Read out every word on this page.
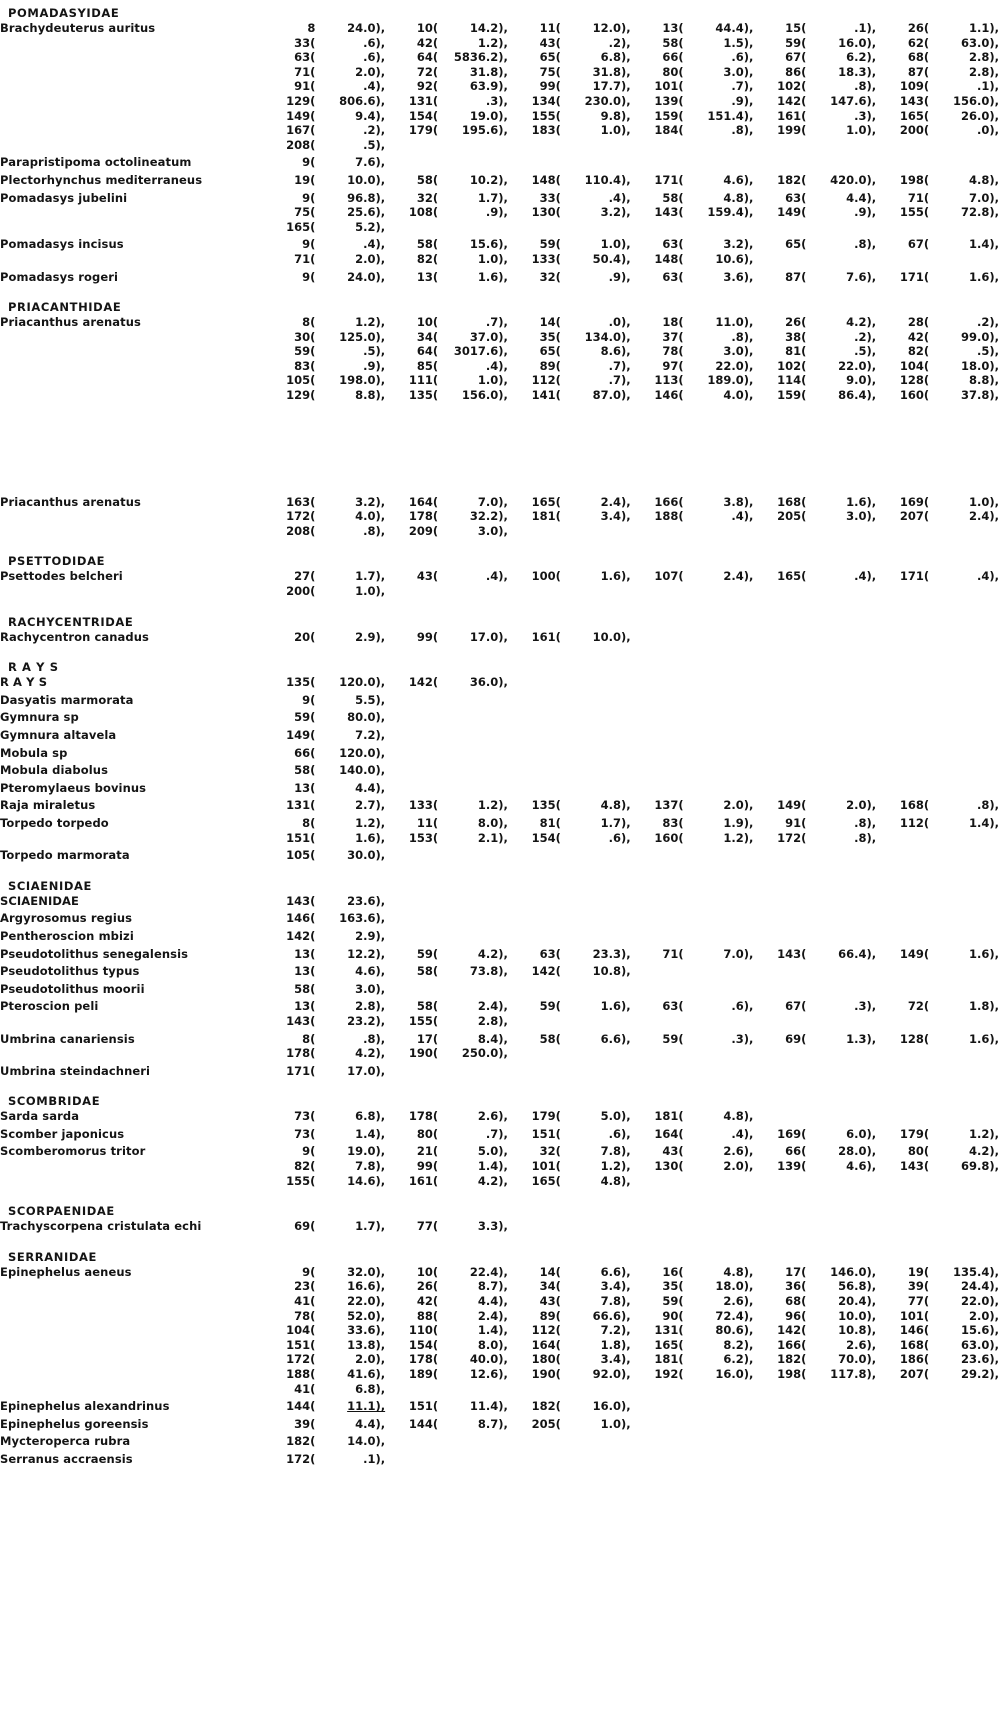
POMADASYIDAE
Brachydeuterus auritus	8	24.0),	10(	14.2),	11(	12.0),	13(	44.4),	15(	.1),	26(	1.1),
	33(	.6),	42(	1.2),	43(	.2),	58(	1.5),	59(	16.0),	62(	63.0),
	63(	.6),	64(	5836.2),	65(	6.8),	66(	.6),	67(	6.2),	68(	2.8),
	71(	2.0),	72(	31.8),	75(	31.8),	80(	3.0),	86(	18.3),	87(	2.8),
	91(	.4),	92(	63.9),	99(	17.7),	101(	.7),	102(	.8),	109(	.1),
	129(	806.6),	131(	.3),	134(	230.0),	139(	.9),	142(	147.6),	143(	156.0),
	149(	9.4),	154(	19.0),	155(	9.8),	159(	151.4),	161(	.3),	165(	26.0),
	167(	.2),	179(	195.6),	183(	1.0),	184(	.8),	199(	1.0),	200(	.0),
	208(	.5),										

Parapristipoma octolineatum	9(	7.6),										

Plectorhynchus mediterraneus	19(	10.0),	58(	10.2),	148(	110.4),	171(	4.6),	182(	420.0),	198(	4.8),

Pomadasys jubelini	9(	96.8),	32(	1.7),	33(	.4),	58(	4.8),	63(	4.4),	71(	7.0),
	75(	25.6),	108(	.9),	130(	3.2),	143(	159.4),	149(	.9),	155(	72.8),
	165(	5.2),										

Pomadasys incisus	9(	.4),	58(	15.6),	59(	1.0),	63(	3.2),	65(	.8),	67(	1.4),
	71(	2.0),	82(	1.0),	133(	50.4),	148(	10.6),				

Pomadasys rogeri	9(	24.0),	13(	1.6),	32(	.9),	63(	3.6),	87(	7.6),	171(	1.6),
PRIACANTHIDAE
Priacanthus arenatus	8(	1.2),	10(	.7),	14(	.0),	18(	11.0),	26(	4.2),	28(	.2),
	30(	125.0),	34(	37.0),	35(	134.0),	37(	.8),	38(	.2),	42(	99.0),
	59(	.5),	64(	3017.6),	65(	8.6),	78(	3.0),	81(	.5),	82(	.5),
	83(	.9),	85(	.4),	89(	.7),	97(	22.0),	102(	22.0),	104(	18.0),
	105(	198.0),	111(	1.0),	112(	.7),	113(	189.0),	114(	9.0),	128(	8.8),
	129(	8.8),	135(	156.0),	141(	87.0),	146(	4.0),	159(	86.4),	160(	37.8),
Priacanthus arenatus	163(	3.2),	164(	7.0),	165(	2.4),	166(	3.8),	168(	1.6),	169(	1.0),
	172(	4.0),	178(	32.2),	181(	3.4),	188(	.4),	205(	3.0),	207(	2.4),
	208(	.8),	209(	3.0),								
PSETTODIDAE
Psettodes belcheri	27(	1.7),	43(	.4),	100(	1.6),	107(	2.4),	165(	.4),	171(	.4),
	200(	1.0),										
RACHYCENTRIDAE
Rachycentron canadus	20(	2.9),	99(	17.0),	161(	10.0),						
R A Y S
R A Y S	135(	120.0),	142(	36.0),								

Dasyatis marmorata	9(	5.5),										

Gymnura sp	59(	80.0),										

Gymnura altavela	149(	7.2),										

Mobula sp	66(	120.0),										

Mobula diabolus	58(	140.0),										

Pteromylaeus bovinus	13(	4.4),										

Raja miraletus	131(	2.7),	133(	1.2),	135(	4.8),	137(	2.0),	149(	2.0),	168(	.8),

Torpedo torpedo	8(	1.2),	11(	8.0),	81(	1.7),	83(	1.9),	91(	.8),	112(	1.4),
	151(	1.6),	153(	2.1),	154(	.6),	160(	1.2),	172(	.8),		

Torpedo marmorata	105(	30.0),										
SCIAENIDAE
SCIAENIDAE	143(	23.6),										

Argyrosomus regius	146(	163.6),										

Pentheroscion mbizi	142(	2.9),										

Pseudotolithus senegalensis	13(	12.2),	59(	4.2),	63(	23.3),	71(	7.0),	143(	66.4),	149(	1.6),

Pseudotolithus typus	13(	4.6),	58(	73.8),	142(	10.8),						

Pseudotolithus moorii	58(	3.0),										

Pteroscion peli	13(	2.8),	58(	2.4),	59(	1.6),	63(	.6),	67(	.3),	72(	1.8),
	143(	23.2),	155(	2.8),								

Umbrina canariensis	8(	.8),	17(	8.4),	58(	6.6),	59(	.3),	69(	1.3),	128(	1.6),
	178(	4.2),	190(	250.0),								

Umbrina steindachneri	171(	17.0),										
SCOMBRIDAE
Sarda sarda	73(	6.8),	178(	2.6),	179(	5.0),	181(	4.8),				

Scomber japonicus	73(	1.4),	80(	.7),	151(	.6),	164(	.4),	169(	6.0),	179(	1.2),

Scomberomorus tritor	9(	19.0),	21(	5.0),	32(	7.8),	43(	2.6),	66(	28.0),	80(	4.2),
	82(	7.8),	99(	1.4),	101(	1.2),	130(	2.0),	139(	4.6),	143(	69.8),
	155(	14.6),	161(	4.2),	165(	4.8),						
SCORPAENIDAE
Trachyscorpena cristulata echi	69(	1.7),	77(	3.3),								
SERRANIDAE
Epinephelus aeneus	9(	32.0),	10(	22.4),	14(	6.6),	16(	4.8),	17(	146.0),	19(	135.4),
	23(	16.6),	26(	8.7),	34(	3.4),	35(	18.0),	36(	56.8),	39(	24.4),
	41(	22.0),	42(	4.4),	43(	7.8),	59(	2.6),	68(	20.4),	77(	22.0),
	78(	52.0),	88(	2.4),	89(	66.6),	90(	72.4),	96(	10.0),	101(	2.0),
	104(	33.6),	110(	1.4),	112(	7.2),	131(	80.6),	142(	10.8),	146(	15.6),
	151(	13.8),	154(	8.0),	164(	1.8),	165(	8.2),	166(	2.6),	168(	63.0),
	172(	2.0),	178(	40.0),	180(	3.4),	181(	6.2),	182(	70.0),	186(	23.6),
	188(	41.6),	189(	12.6),	190(	92.0),	192(	16.0),	198(	117.8),	207(	29.2),
	41(	6.8),										

Epinephelus alexandrinus	144(	11.1),	151(	11.4),	182(	16.0),						

Epinephelus goreensis	39(	4.4),	144(	8.7),	205(	1.0),						

Mycteroperca rubra	182(	14.0),										

Serranus accraensis	172(	.1),										
